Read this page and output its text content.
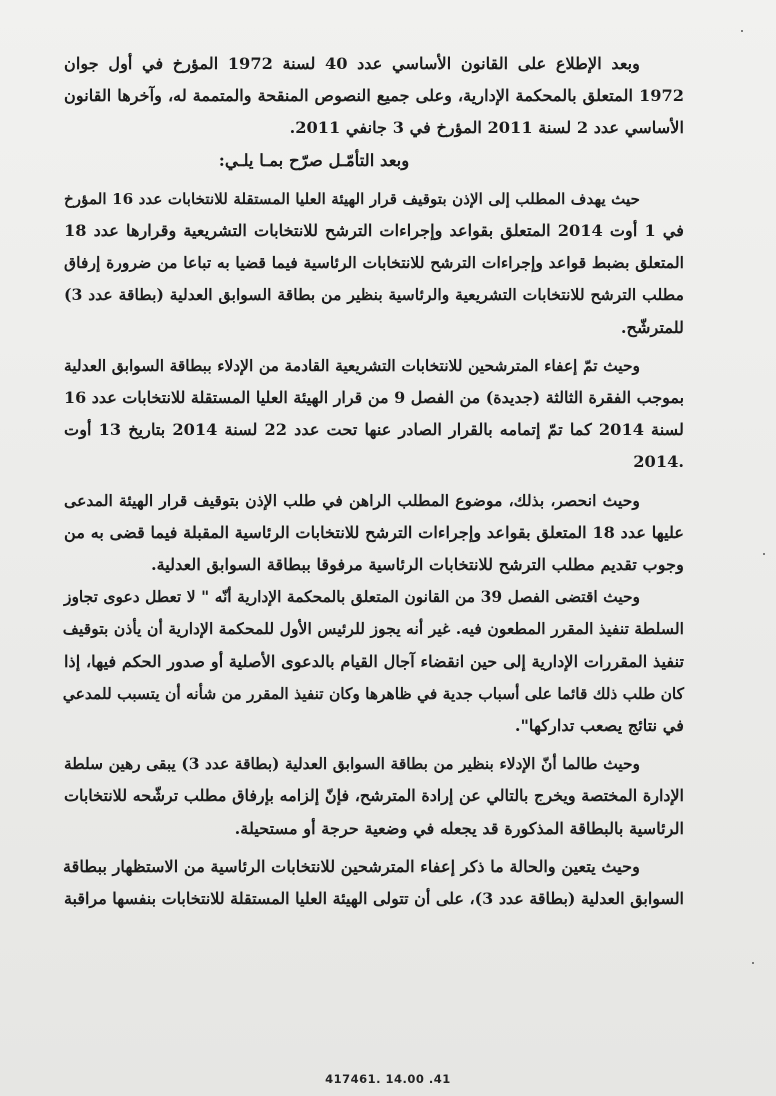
وبعد الإطلاع على القانون الأساسي عدد 40 لسنة 1972 المؤرخ في أول جوان
1972 المتعلق بالمحكمة الإدارية، وعلى جميع النصوص المنقحة والمتممة له، وآخرها القانون
الأساسي عدد 2 لسنة 2011 المؤرخ في 3 جانفي 2011.
وبعد التأمّـل صرّح بمـا يلـي:
حيث يهدف المطلب إلى الإذن بتوقيف قرار الهيئة العليا المستقلة للانتخابات عدد 16 المؤرخ
في 1 أوت 2014 المتعلق بقواعد وإجراءات الترشح للانتخابات التشريعية وقرارها عدد 18
المتعلق بضبط قواعد وإجراءات الترشح للانتخابات الرئاسية فيما قضيا به تباعا من ضرورة إرفاق
مطلب الترشح للانتخابات التشريعية والرئاسية بنظير من بطاقة السوابق العدلية (بطاقة عدد 3)
للمترشّح.
وحيث تمّ إعفاء المترشحين للانتخابات التشريعية القادمة من الإدلاء ببطاقة السوابق العدلية
بموجب الفقرة الثالثة (جديدة) من الفصل 9 من قرار الهيئة العليا المستقلة للانتخابات عدد 16
لسنة 2014 كما تمّ إتمامه بالقرار الصادر عنها تحت عدد 22 لسنة 2014 بتاريخ 13 أوت
.2014
وحيث انحصر، بذلك، موضوع المطلب الراهن في طلب الإذن بتوقيف قرار الهيئة المدعى
عليها عدد 18 المتعلق بقواعد وإجراءات الترشح للانتخابات الرئاسية المقبلة فيما قضى به من
وجوب تقديم مطلب الترشح للانتخابات الرئاسية مرفوقا ببطاقة السوابق العدلية.
وحيث اقتضى الفصل 39 من القانون المتعلق بالمحكمة الإدارية أنّه " لا تعطل دعوى تجاوز
السلطة تنفيذ المقرر المطعون فيه. غير أنه يجوز للرئيس الأول للمحكمة الإدارية أن يأذن بتوقيف
تنفيذ المقررات الإدارية إلى حين انقضاء آجال القيام بالدعوى الأصلية أو صدور الحكم فيها، إذا
كان طلب ذلك قائما على أسباب جدية في ظاهرها وكان تنفيذ المقرر من شأنه أن يتسبب للمدعي
في نتائج يصعب تداركها".
وحيث طالما أنّ الإدلاء بنظير من بطاقة السوابق العدلية (بطاقة عدد 3) يبقى رهين سلطة
الإدارة المختصة ويخرج بالتالي عن إرادة المترشح، فإنّ إلزامه بإرفاق مطلب ترشّحه للانتخابات
الرئاسية بالبطاقة المذكورة قد يجعله في وضعية حرجة أو مستحيلة.
وحيث يتعين والحالة ما ذكر إعفاء المترشحين للانتخابات الرئاسية من الاستظهار ببطاقة
السوابق العدلية (بطاقة عدد 3)، على أن تتولى الهيئة العليا المستقلة للانتخابات بنفسها مراقبة
417461. 14.00 .41
